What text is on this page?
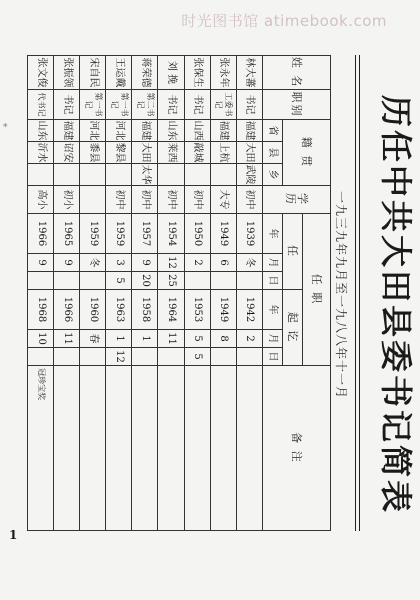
时光图书馆 atimebook.com
*
1
历任中共大田县委书记简表
一九三九年九月至一九八八年十一月
姓 名	职别	籍 贯			学 历	任 职						备 注
						任			起 讫			
		省	县	乡		年	月	日	年	月	日	
林大蕃	书记	福建	大田	武陵	初中	1939	冬		1942	2		
张永年	工委书记	福建	上杭		大专	1949	6		1949	8		
张保生	书记	山西	敲城		初中	1950	2		1953	5	5	
刘 挽	书记	山东	莱西		初中	1954	12	25	1964	11		
蒋荣德	第二书记	福建	大田	太华	初中	1957	9	20	1958	1		
王运戴	第一书记	河北	黎县		初中	1959	3	5	1963	1	12	
宋自民	第一书记	河北	黍县			1959	冬		1960	春		
张振领	书记	福建	诏安		初小	1965	9		1966	11		
张文俊	代书记	山东	沂水		高小	1966	9		1968	10		冠珍宝奖
